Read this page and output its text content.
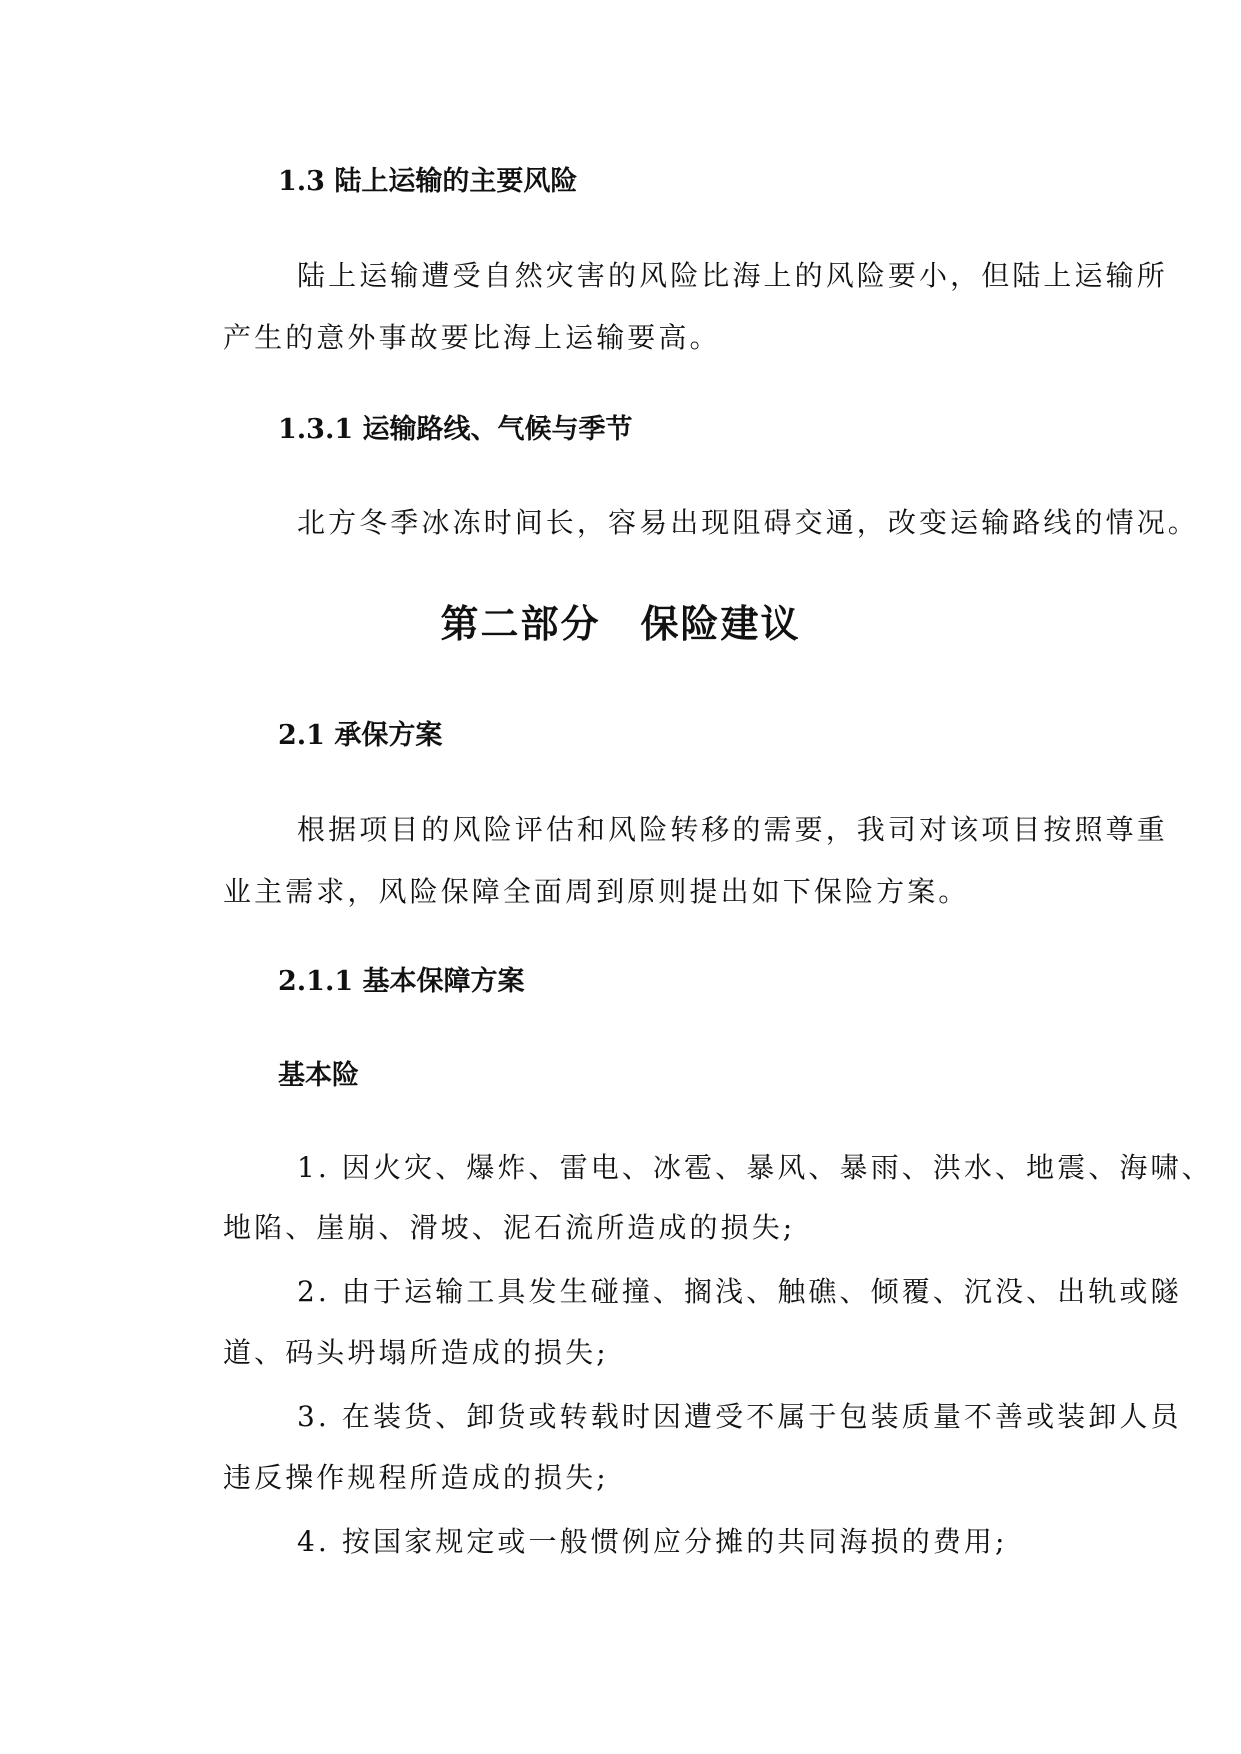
1.3 陆上运输的主要风险
陆上运输遭受自然灾害的风险比海上的风险要小，但陆上运输所
产生的意外事故要比海上运输要高。
1.3.1 运输路线、气候与季节
北方冬季冰冻时间长，容易出现阻碍交通，改变运输路线的情况。
第二部分 保险建议
2.1 承保方案
根据项目的风险评估和风险转移的需要，我司对该项目按照尊重
业主需求，风险保障全面周到原则提出如下保险方案。
2.1.1 基本保障方案
基本险
1. 因火灾、爆炸、雷电、冰雹、暴风、暴雨、洪水、地震、海啸、
地陷、崖崩、滑坡、泥石流所造成的损失;
2. 由于运输工具发生碰撞、搁浅、触礁、倾覆、沉没、出轨或隧
道、码头坍塌所造成的损失;
3. 在装货、卸货或转载时因遭受不属于包装质量不善或装卸人员
违反操作规程所造成的损失;
4. 按国家规定或一般惯例应分摊的共同海损的费用;
